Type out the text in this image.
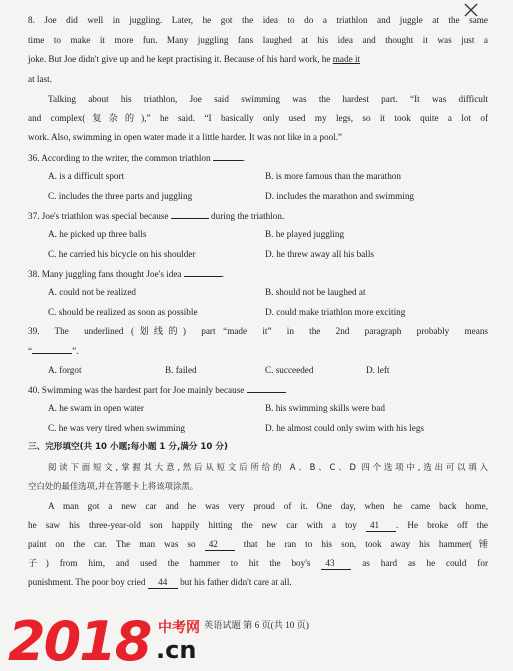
8. Joe did well in juggling. Later, he got the idea to do a triathlon and juggle at the same
time to make it more fun. Many juggling fans laughed at his idea and thought it was just a
joke. But Joe didn't give up and he kept practising it. Because of his hard work, he made it
at last.
Talking about his triathlon, Joe said swimming was the hardest part. “It was difficult
and complex(复杂的),” he said. “I basically only used my legs, so it took quite a lot of
work. Also, swimming in open water made it a little harder. It was not like in a pool.”
36. According to the writer, the common triathlon	.
A. is a difficult sport	B. is more famous than the marathon
C. includes the three parts and juggling	D. includes the marathon and swimming
37. Joe's triathlon was special because	during the triathlon.
A. he picked up three balls	B. he played juggling
C. he carried his bicycle on his shoulder	D. he threw away all his balls
38. Many juggling fans thought Joe's idea	.
A. could not be realized	B. should not be laughed at
C. should be realized as soon as possible	D. could make triathlon more exciting
39.  The  underlined (划线的)  part “made  it”  in  the  2nd  paragraph  probably  means
“	”.
A. forgot	B. failed	C. succeeded	D. left
40. Swimming was the hardest part for Joe mainly because	.
A. he swam in open water	B. his swimming skills were bad
C. he was very tired when swimming	D. he almost could only swim with his legs
三、完形填空(共 10 小题;每小题 1 分,满分 10 分)
阅读下面短文,掌握其大意,然后从短文后所给的 A、B、C、D 四个选项中,选出可以填入
空白处的最佳选项,并在答题卡上将该项涂黑。
A man got a new car and he was very proud of it. One day, when he came back home,
he saw his three-year-old son happily hitting the new car with a toy 41 . He broke off the
paint on the car. The man was so 42	that he ran to his son, took away his hammer(锤
子) from him, and used the hammer to hit the boy's 43	as hard as he could for
punishment. The poor boy cried 44 but his father didn't care at all.
英语试题 第 6 页(共 10 页)
2018 中考网
.cn
